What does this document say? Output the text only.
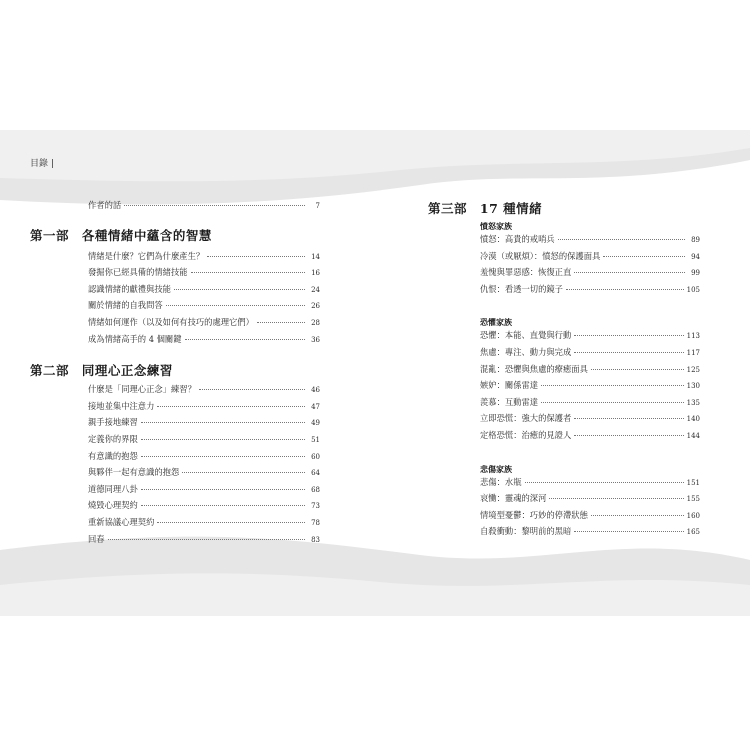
目錄 |
作者的話	7
第一部 各種情緒中蘊含的智慧
情緒是什麼？它們為什麼產生？	14
發掘你已經具備的情緒技能	16
認識情緒的獻禮與技能	24
關於情緒的自我問答	26
情緒如何運作（以及如何有技巧的處理它們）	28
成為情緒高手的 4 個關鍵	36
第二部 同理心正念練習
什麼是「同理心正念」練習？	46
接地並集中注意力	47
親手接地練習	49
定義你的界限	51
有意識的抱怨	60
與夥伴一起有意識的抱怨	64
道德同理八卦	68
燒毀心理契約	73
重新協議心理契約	78
回春	83
第三部 17 種情緒
憤怒家族
憤怒：高貴的戒哨兵	89
冷漠（或厭煩）：憤怒的保護面具	94
羞愧與罪惡感：恢復正直	99
仇恨：看透一切的鏡子	105
恐懼家族
恐懼：本能、直覺與行動	113
焦慮：專注、動力與完成	117
混亂：恐懼與焦慮的療癒面具	125
嫉妒：關係雷達	130
羨慕：互動雷達	135
立即恐慌：強大的保護者	140
定格恐慌：治癒的見證人	144
悲傷家族
悲傷：水瓶	151
哀慟：靈魂的深河	155
情境型憂鬱：巧妙的停滯狀態	160
自殺衝動：黎明前的黑暗	165
